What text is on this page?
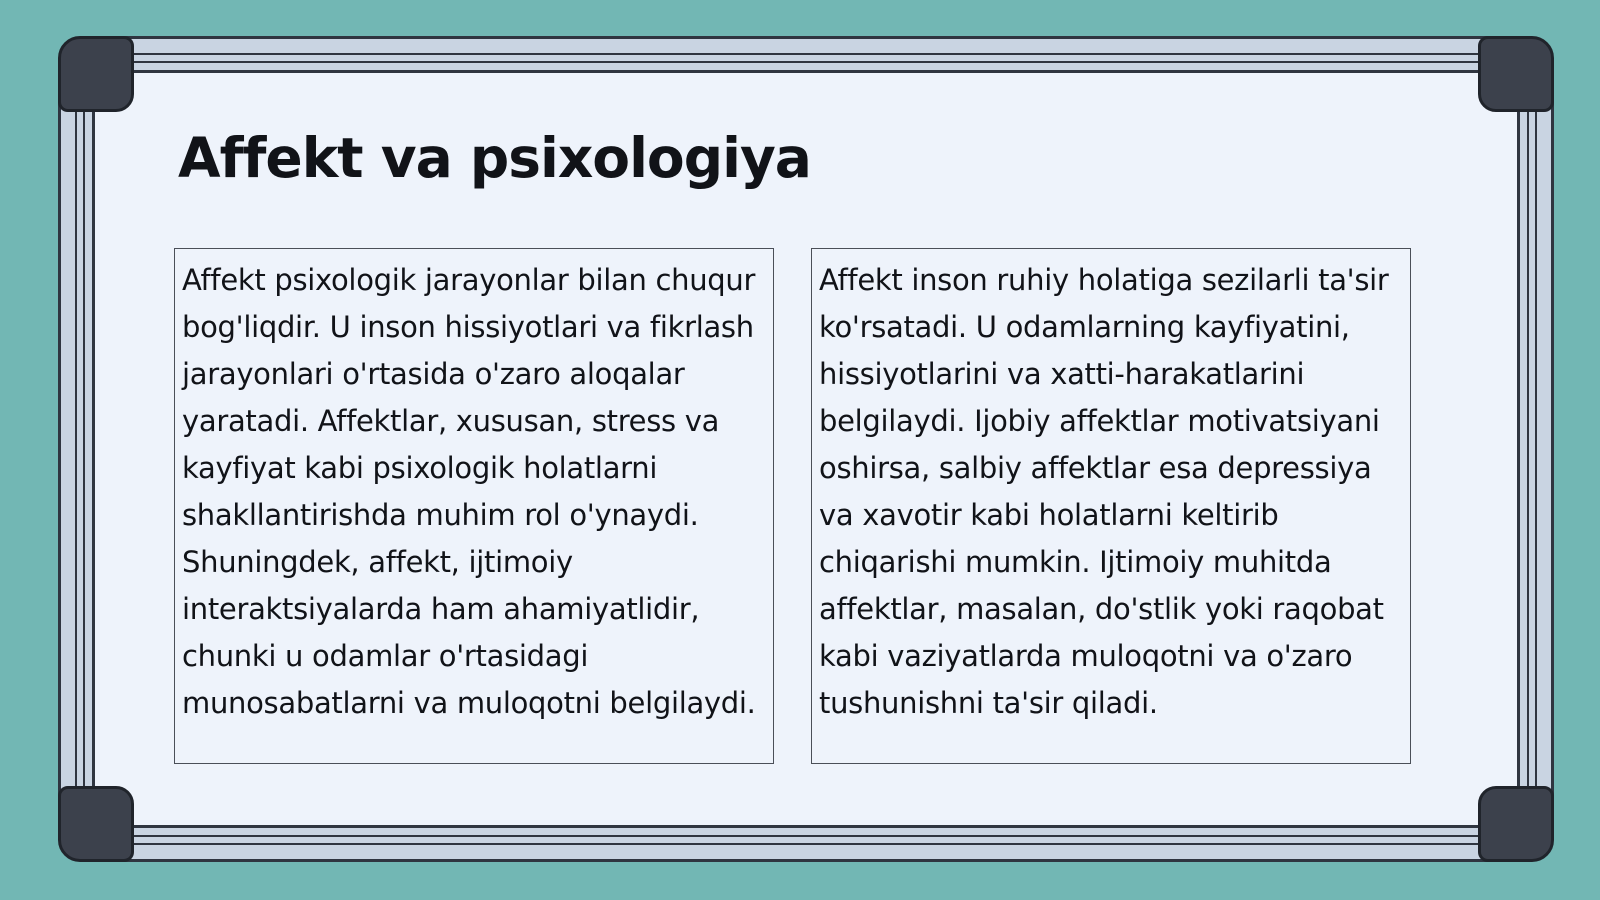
Affekt va psixologiya
Affekt psixologik jarayonlar bilan chuqur bog'liqdir. U inson hissiyotlari va fikrlash jarayonlari o'rtasida o'zaro aloqalar yaratadi. Affektlar, xususan, stress va kayfiyat kabi psixologik holatlarni shakllantirishda muhim rol o'ynaydi. Shuningdek, affekt, ijtimoiy interaktsiyalarda ham ahamiyatlidir, chunki u odamlar o'rtasidagi munosabatlarni va muloqotni belgilaydi.
Affekt inson ruhiy holatiga sezilarli ta'sir ko'rsatadi. U odamlarning kayfiyatini, hissiyotlarini va xatti-harakatlarini belgilaydi. Ijobiy affektlar motivatsiyani oshirsa, salbiy affektlar esa depressiya va xavotir kabi holatlarni keltirib chiqarishi mumkin. Ijtimoiy muhitda affektlar, masalan, do'stlik yoki raqobat kabi vaziyatlarda muloqotni va o'zaro tushunishni ta'sir qiladi.
